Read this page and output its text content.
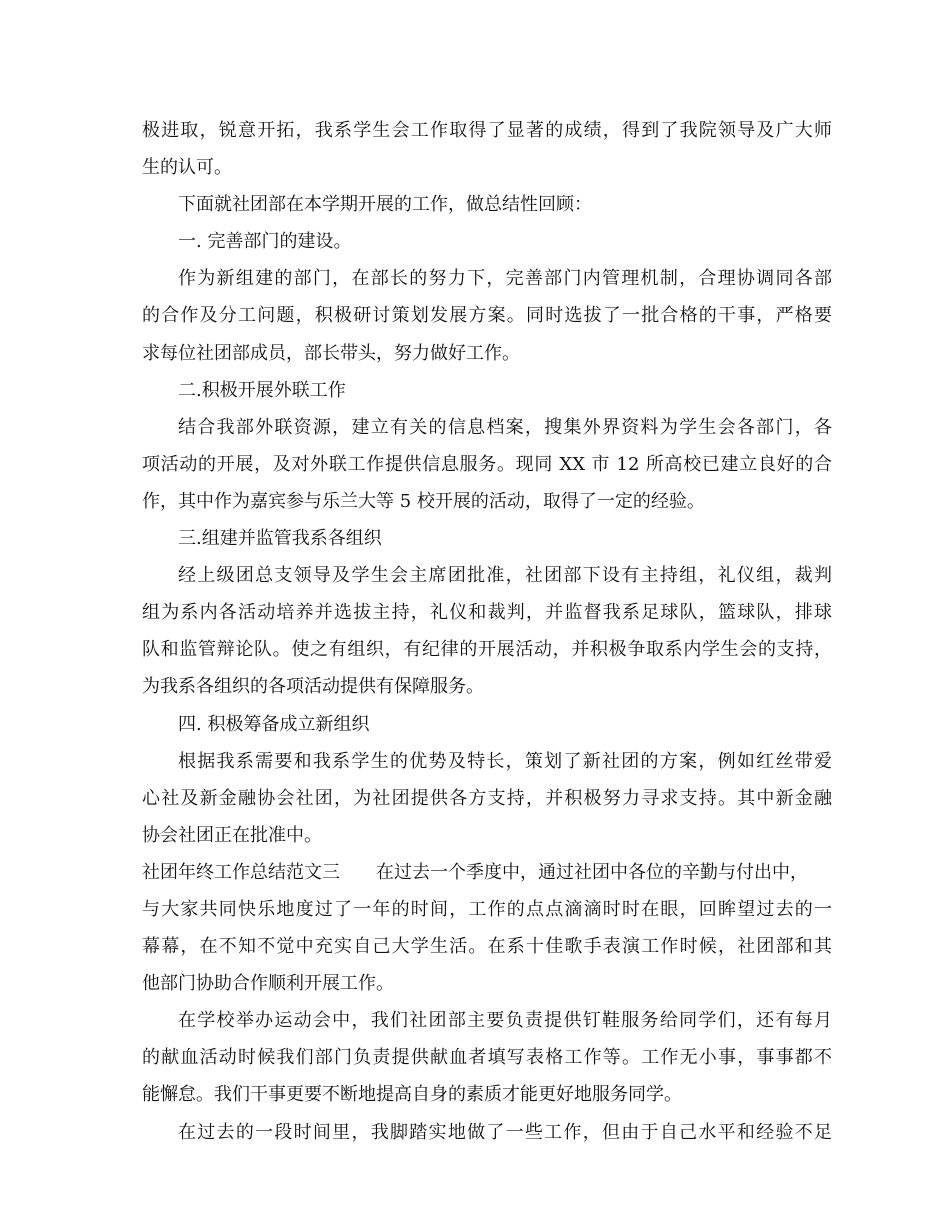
极进取，锐意开拓，我系学生会工作取得了显著的成绩，得到了我院领导及广大师
生的认可。
下面就社团部在本学期开展的工作，做总结性回顾：
一. 完善部门的建设。
作为新组建的部门，在部长的努力下，完善部门内管理机制，合理协调同各部
的合作及分工问题，积极研讨策划发展方案。同时选拔了一批合格的干事，严格要
求每位社团部成员，部长带头，努力做好工作。
二.积极开展外联工作
结合我部外联资源，建立有关的信息档案，搜集外界资料为学生会各部门，各
项活动的开展，及对外联工作提供信息服务。现同 XX 市 12 所高校已建立良好的合
作，其中作为嘉宾参与乐兰大等 5 校开展的活动，取得了一定的经验。
三.组建并监管我系各组织
经上级团总支领导及学生会主席团批准，社团部下设有主持组，礼仪组，裁判
组为系内各活动培养并选拔主持，礼仪和裁判，并监督我系足球队，篮球队，排球
队和监管辩论队。使之有组织，有纪律的开展活动，并积极争取系内学生会的支持，
为我系各组织的各项活动提供有保障服务。
四. 积极筹备成立新组织
根据我系需要和我系学生的优势及特长，策划了新社团的方案，例如红丝带爱
心社及新金融协会社团，为社团提供各方支持，并积极努力寻求支持。其中新金融
协会社团正在批准中。
社团年终工作总结范文三 在过去一个季度中，通过社团中各位的辛勤与付出中，
与大家共同快乐地度过了一年的时间，工作的点点滴滴时时在眼，回眸望过去的一
幕幕，在不知不觉中充实自己大学生活。在系十佳歌手表演工作时候，社团部和其
他部门协助合作顺利开展工作。
在学校举办运动会中，我们社团部主要负责提供钉鞋服务给同学们，还有每月
的献血活动时候我们部门负责提供献血者填写表格工作等。工作无小事，事事都不
能懈怠。我们干事更要不断地提高自身的素质才能更好地服务同学。
在过去的一段时间里，我脚踏实地做了一些工作，但由于自己水平和经验不足
